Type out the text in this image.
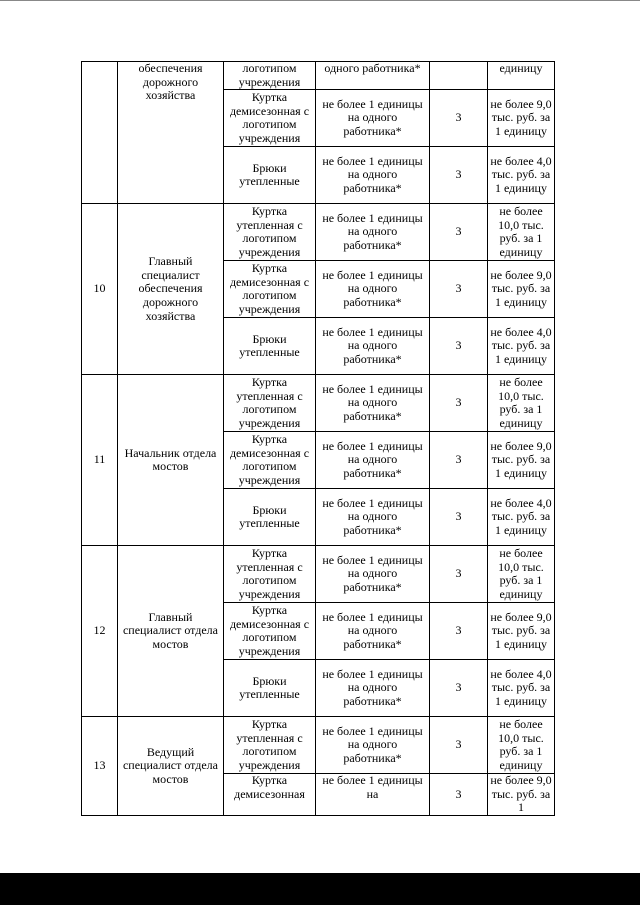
	обеспечения дорожного хозяйства	логотипом учреждения	одного работника*		единицу
		Куртка демисезонная с логотипом учреждения	не более 1 единицы на одного работника*	3	не более 9,0 тыс. руб. за 1 единицу
		Брюки утепленные	не более 1 единицы на одного работника*	3	не более 4,0 тыс. руб. за 1 единицу
10	Главный специалист обеспечения дорожного хозяйства	Куртка утепленная с логотипом учреждения	не более 1 единицы на одного работника*	3	не более 10,0 тыс. руб. за 1 единицу
		Куртка демисезонная с логотипом учреждения	не более 1 единицы на одного работника*	3	не более 9,0 тыс. руб. за 1 единицу
		Брюки утепленные	не более 1 единицы на одного работника*	3	не более 4,0 тыс. руб. за 1 единицу
11	Начальник отдела мостов	Куртка утепленная с логотипом учреждения	не более 1 единицы на одного работника*	3	не более 10,0 тыс. руб. за 1 единицу
		Куртка демисезонная с логотипом учреждения	не более 1 единицы на одного работника*	3	не более 9,0 тыс. руб. за 1 единицу
		Брюки утепленные	не более 1 единицы на одного работника*	3	не более 4,0 тыс. руб. за 1 единицу
12	Главный специалист отдела мостов	Куртка утепленная с логотипом учреждения	не более 1 единицы на одного работника*	3	не более 10,0 тыс. руб. за 1 единицу
		Куртка демисезонная с логотипом учреждения	не более 1 единицы на одного работника*	3	не более 9,0 тыс. руб. за 1 единицу
		Брюки утепленные	не более 1 единицы на одного работника*	3	не более 4,0 тыс. руб. за 1 единицу
13	Ведущий специалист отдела мостов	Куртка утепленная с логотипом учреждения	не более 1 единицы на одного работника*	3	не более 10,0 тыс. руб. за 1 единицу
		Куртка демисезонная	не более 1 единицы на	3	не более 9,0 тыс. руб. за 1
